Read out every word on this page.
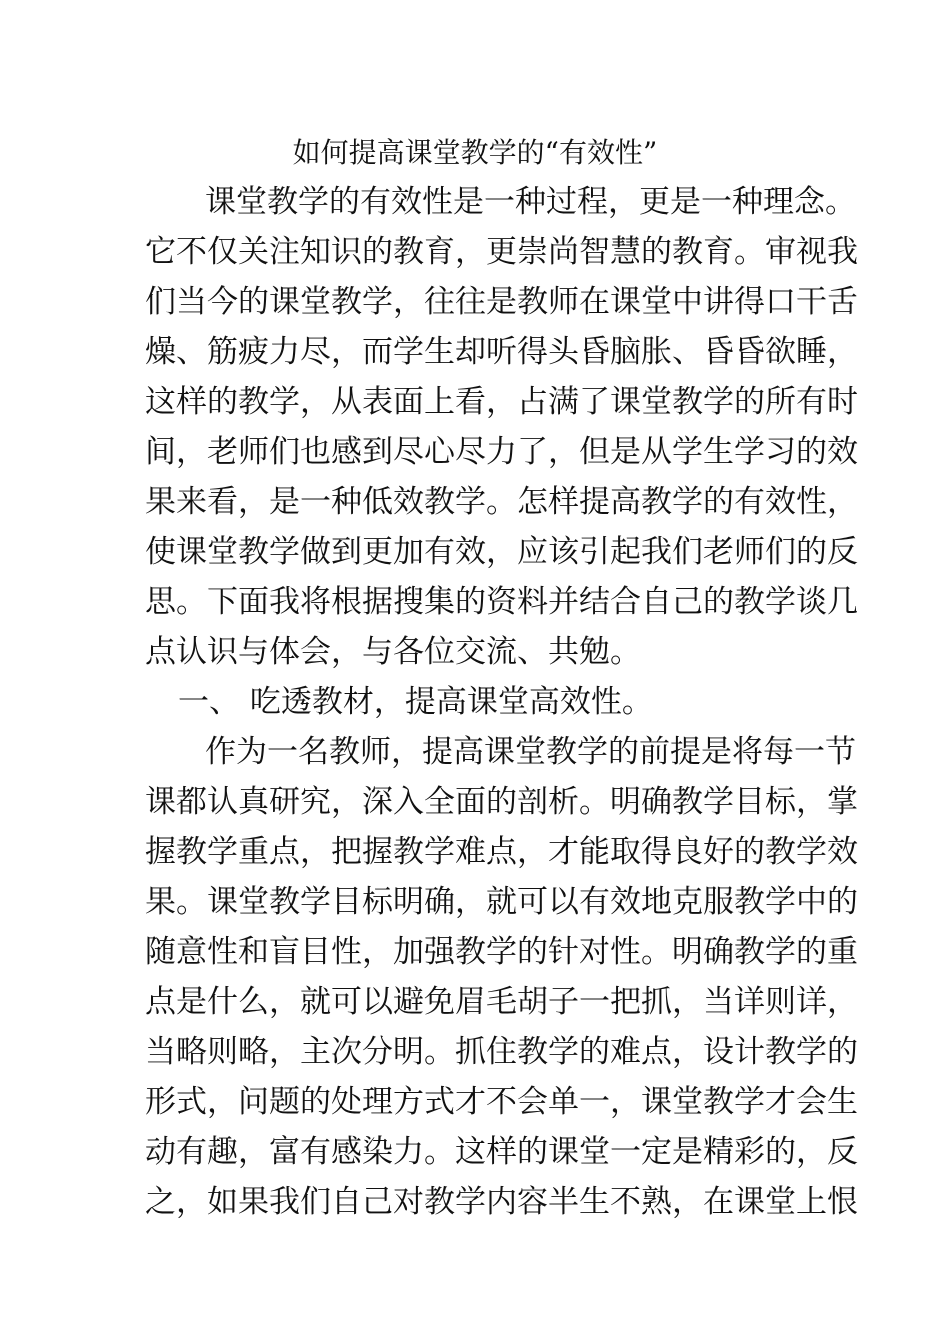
如何提高课堂教学的“有效性”
课堂教学的有效性是一种过程，更是一种理念。
它不仅关注知识的教育，更崇尚智慧的教育。审视我
们当今的课堂教学，往往是教师在课堂中讲得口干舌
燥、筋疲力尽，而学生却听得头昏脑胀、昏昏欲睡，
这样的教学，从表面上看，占满了课堂教学的所有时
间，老师们也感到尽心尽力了，但是从学生学习的效
果来看，是一种低效教学。怎样提高教学的有效性，
使课堂教学做到更加有效，应该引起我们老师们的反
思。下面我将根据搜集的资料并结合自己的教学谈几
点认识与体会，与各位交流、共勉。
一、 吃透教材，提高课堂高效性。
作为一名教师，提高课堂教学的前提是将每一节
课都认真研究，深入全面的剖析。明确教学目标，掌
握教学重点，把握教学难点，才能取得良好的教学效
果。课堂教学目标明确，就可以有效地克服教学中的
随意性和盲目性，加强教学的针对性。明确教学的重
点是什么，就可以避免眉毛胡子一把抓，当详则详，
当略则略，主次分明。抓住教学的难点，设计教学的
形式，问题的处理方式才不会单一，课堂教学才会生
动有趣，富有感染力。这样的课堂一定是精彩的，反
之，如果我们自己对教学内容半生不熟，在课堂上恨
